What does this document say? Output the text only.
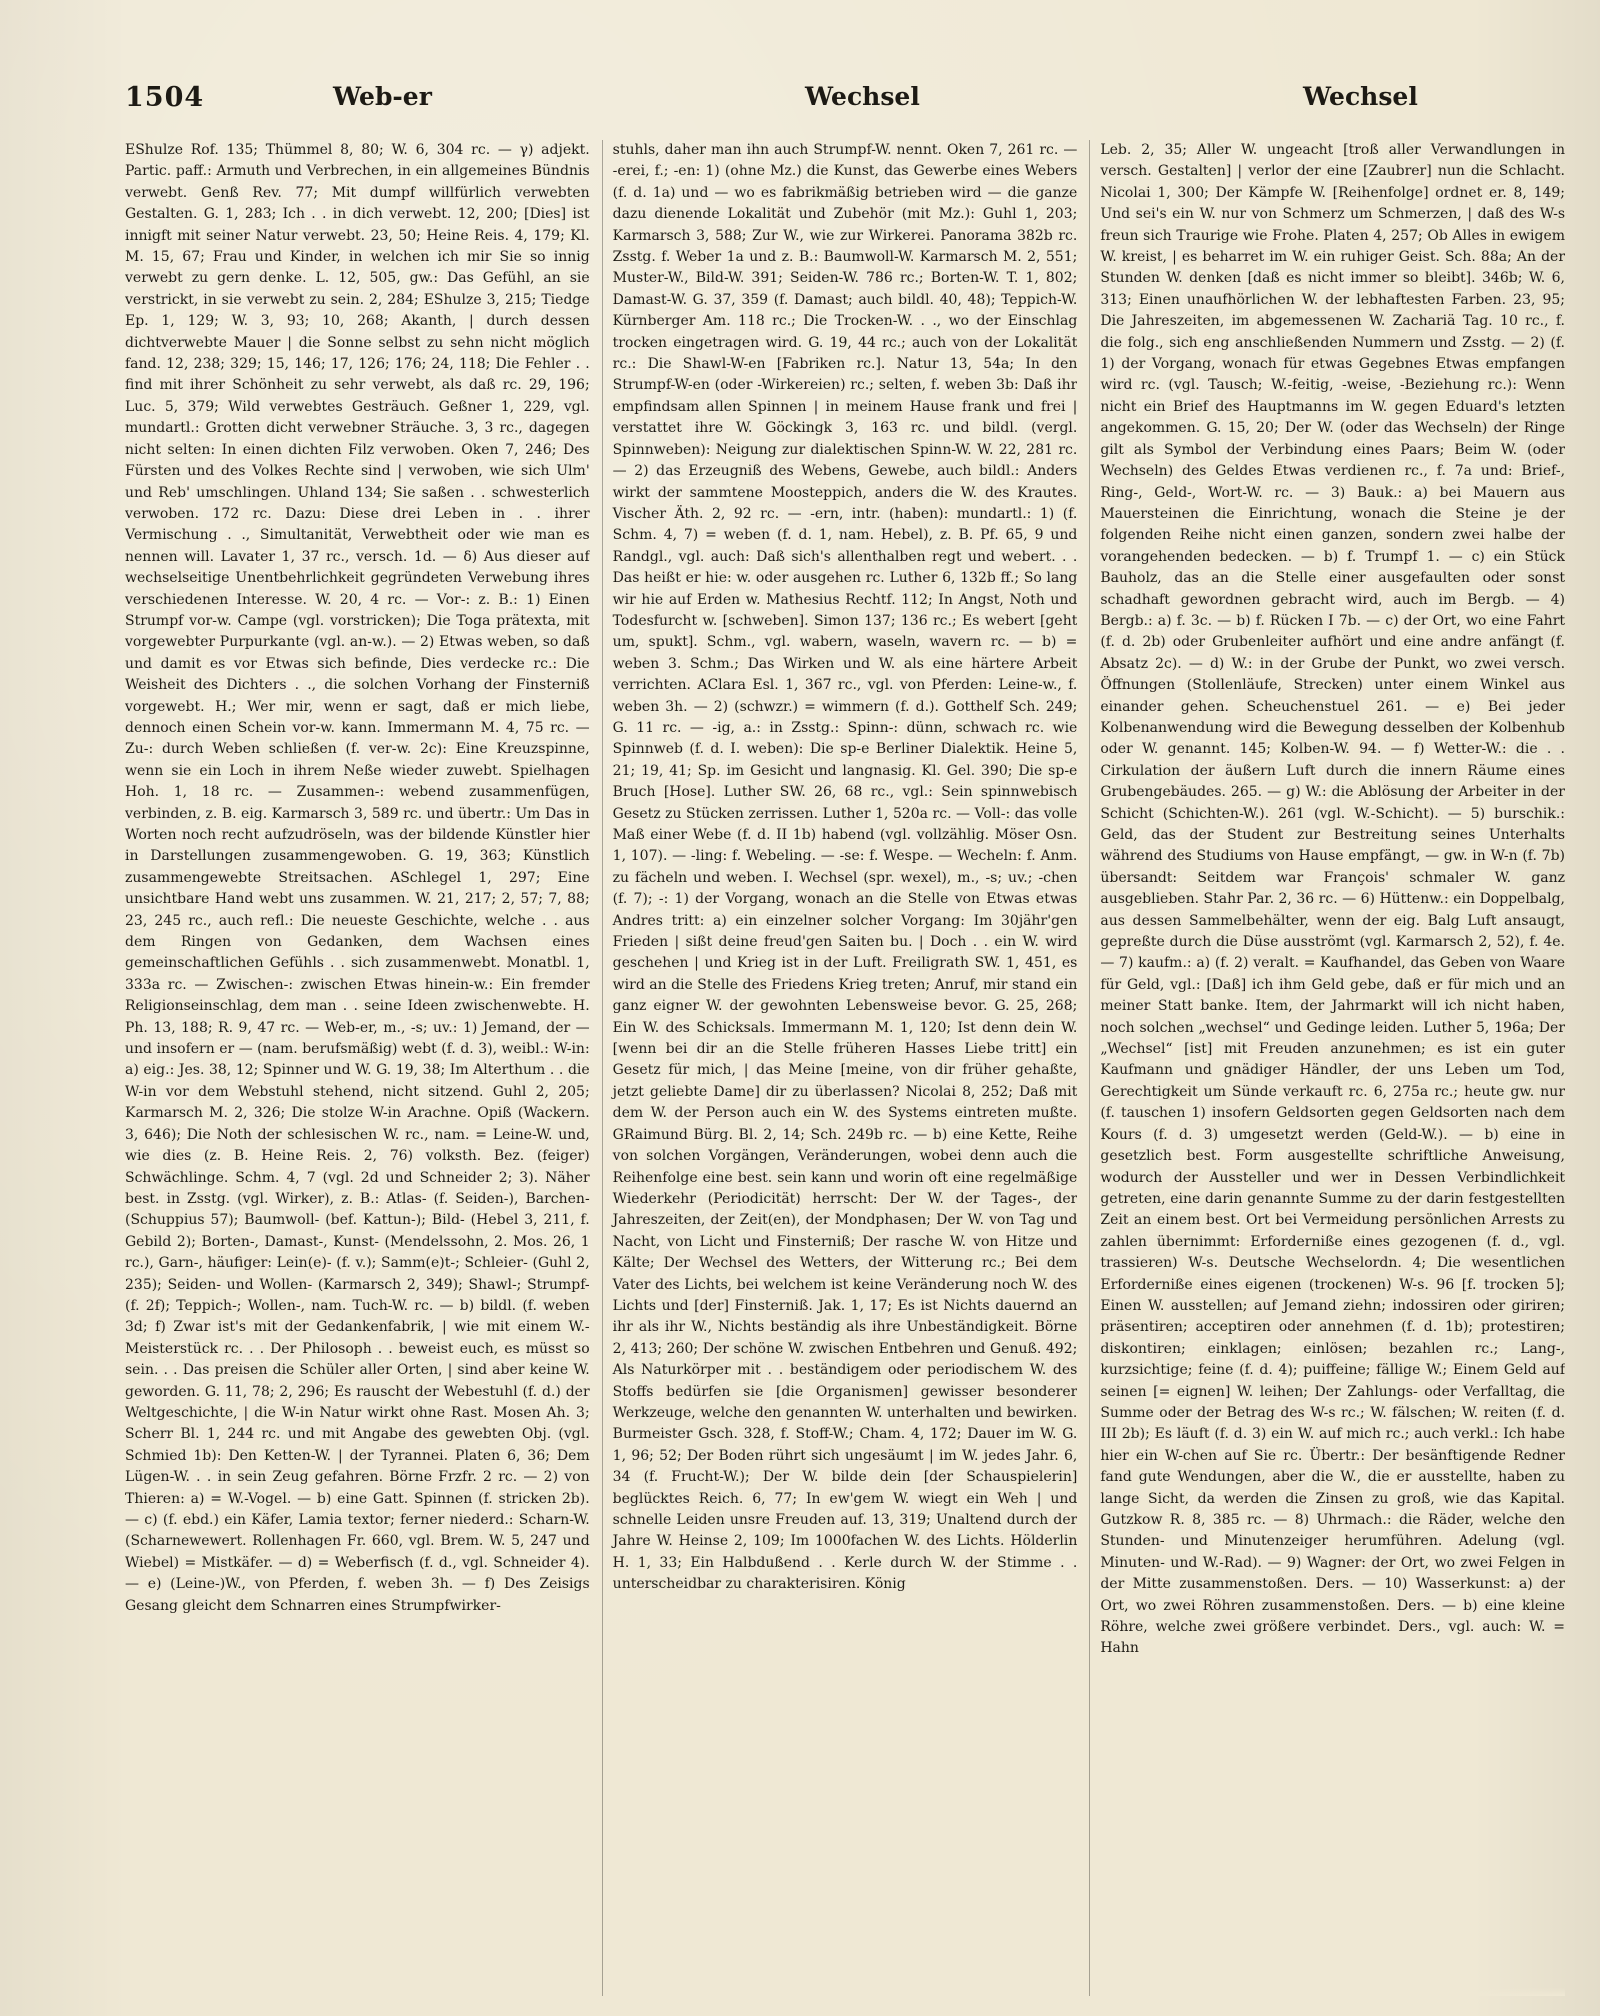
1504	Web-er	Wechsel	Wechsel

EShulze Rof. 135; Thümmel 8, 80; W. 6, 304 rc. — γ) adjekt. Partic. paff.: Armuth und Verbrechen, in ein allgemeines Bündnis verwebt. Genß Rev. 77; Mit dumpf willfürlich verwebten Gestalten. G. 1, 283; Ich . . in dich verwebt. 12, 200; [Dies] ist innigft mit seiner Natur verwebt. 23, 50; Heine Reis. 4, 179; Kl. M. 15, 67; Frau und Kinder, in welchen ich mir Sie so innig verwebt zu gern denke. L. 12, 505, gw.: Das Gefühl, an sie verstrickt, in sie verwebt zu sein. 2, 284; EShulze 3, 215; Tiedge Ep. 1, 129; W. 3, 93; 10, 268; Akanth, | durch dessen dichtverwebte Mauer | die Sonne selbst zu sehn nicht möglich fand. 12, 238; 329; 15, 146; 17, 126; 176; 24, 118; Die Fehler . . find mit ihrer Schönheit zu sehr verwebt, als daß rc. 29, 196; Luc. 5, 379; Wild verwebtes Gesträuch. Geßner 1, 229, vgl. mundartl.: Grotten dicht verwebner Sträuche. 3, 3 rc., dagegen nicht selten: In einen dichten Filz verwoben. Oken 7, 246; Des Fürsten und des Volkes Rechte sind | verwoben, wie sich Ulm' und Reb' umschlingen. Uhland 134; Sie saßen . . schwesterlich verwoben. 172 rc. Dazu: Diese drei Leben in . . ihrer Vermischung . ., Simultanität, Verwebtheit oder wie man es nennen will. Lavater 1, 37 rc., versch. 1d. — δ) Aus dieser auf wechselseitige Unentbehrlichkeit gegründeten Verwebung ihres verschiedenen Interesse. W. 20, 4 rc. — Vor-: z. B.: 1) Einen Strumpf vor-w. Campe (vgl. vorstricken); Die Toga prätexta, mit vorgewebter Purpurkante (vgl. an-w.). — 2) Etwas weben, so daß und damit es vor Etwas sich befinde, Dies verdecke rc.: Die Weisheit des Dichters . ., die solchen Vorhang der Finsterniß vorgewebt. H.; Wer mir, wenn er sagt, daß er mich liebe, dennoch einen Schein vor-w. kann. Immermann M. 4, 75 rc. — Zu-: durch Weben schließen (f. ver-w. 2c): Eine Kreuzspinne, wenn sie ein Loch in ihrem Neße wieder zuwebt. Spielhagen Hoh. 1, 18 rc. — Zusammen-: webend zusammenfügen, verbinden, z. B. eig. Karmarsch 3, 589 rc. und übertr.: Um Das in Worten noch recht aufzudröseln, was der bildende Künstler hier in Darstellungen zusammengewoben. G. 19, 363; Künstlich zusammengewebte Streitsachen. ASchlegel 1, 297; Eine unsichtbare Hand webt uns zusammen. W. 21, 217; 2, 57; 7, 88; 23, 245 rc., auch refl.: Die neueste Geschichte, welche . . aus dem Ringen von Gedanken, dem Wachsen eines gemeinschaftlichen Gefühls . . sich zusammenwebt. Monatbl. 1, 333a rc. — Zwischen-: zwischen Etwas hinein-w.: Ein fremder Religionseinschlag, dem man . . seine Ideen zwischenwebte. H. Ph. 13, 188; R. 9, 47 rc. — Web-er, m., -s; uv.: 1) Jemand, der — und insofern er — (nam. berufsmäßig) webt (f. d. 3), weibl.: W-in: a) eig.: Jes. 38, 12; Spinner und W. G. 19, 38; Im Alterthum . . die W-in vor dem Webstuhl stehend, nicht sitzend. Guhl 2, 205; Karmarsch M. 2, 326; Die stolze W-in Arachne. Opiß (Wackern. 3, 646); Die Noth der schlesischen W. rc., nam. = Leine-W. und, wie dies (z. B. Heine Reis. 2, 76) volksth. Bez. (feiger) Schwächlinge. Schm. 4, 7 (vgl. 2d und Schneider 2; 3). Näher best. in Zsstg. (vgl. Wirker), z. B.: Atlas- (f. Seiden-), Barchen- (Schuppius 57); Baumwoll- (bef. Kattun-); Bild- (Hebel 3, 211, f. Gebild 2); Borten-, Damast-, Kunst- (Mendelssohn, 2. Mos. 26, 1 rc.), Garn-, häufiger: Lein(e)- (f. v.); Samm(e)t-; Schleier- (Guhl 2, 235); Seiden- und Wollen- (Karmarsch 2, 349); Shawl-; Strumpf- (f. 2f); Teppich-; Wollen-, nam. Tuch-W. rc. — b) bildl. (f. weben 3d; f) Zwar ist's mit der Gedankenfabrik, | wie mit einem W.-Meisterstück rc. . . Der Philosoph . . beweist euch, es müsst so sein. . . Das preisen die Schüler aller Orten, | sind aber keine W. geworden. G. 11, 78; 2, 296; Es rauscht der Webestuhl (f. d.) der Weltgeschichte, | die W-in Natur wirkt ohne Rast. Mosen Ah. 3; Scherr Bl. 1, 244 rc. und mit Angabe des gewebten Obj. (vgl. Schmied 1b): Den Ketten-W. | der Tyrannei. Platen 6, 36; Dem Lügen-W. . . in sein Zeug gefahren. Börne Frzfr. 2 rc. — 2) von Thieren: a) = W.-Vogel. — b) eine Gatt. Spinnen (f. stricken 2b). — c) (f. ebd.) ein Käfer, Lamia textor; ferner niederd.: Scharn-W. (Scharnewewert. Rollenhagen Fr. 660, vgl. Brem. W. 5, 247 und Wiebel) = Mistkäfer. — d) = Weberfisch (f. d., vgl. Schneider 4). — e) (Leine-)W., von Pferden, f. weben 3h. — f) Des Zeisigs Gesang gleicht dem Schnarren eines Strumpfwirker-

stuhls, daher man ihn auch Strumpf-W. nennt. Oken 7, 261 rc. — -erei, f.; -en: 1) (ohne Mz.) die Kunst, das Gewerbe eines Webers (f. d. 1a) und — wo es fabrikmäßig betrieben wird — die ganze dazu dienende Lokalität und Zubehör (mit Mz.): Guhl 1, 203; Karmarsch 3, 588; Zur W., wie zur Wirkerei. Panorama 382b rc. Zsstg. f. Weber 1a und z. B.: Baumwoll-W. Karmarsch M. 2, 551; Muster-W., Bild-W. 391; Seiden-W. 786 rc.; Borten-W. T. 1, 802; Damast-W. G. 37, 359 (f. Damast; auch bildl. 40, 48); Teppich-W. Kürnberger Am. 118 rc.; Die Trocken-W. . ., wo der Einschlag trocken eingetragen wird. G. 19, 44 rc.; auch von der Lokalität rc.: Die Shawl-W-en [Fabriken rc.]. Natur 13, 54a; In den Strumpf-W-en (oder -Wirkereien) rc.; selten, f. weben 3b: Daß ihr empfindsam allen Spinnen | in meinem Hause frank und frei | verstattet ihre W. Göckingk 3, 163 rc. und bildl. (vergl. Spinnweben): Neigung zur dialektischen Spinn-W. W. 22, 281 rc. — 2) das Erzeugniß des Webens, Gewebe, auch bildl.: Anders wirkt der sammtene Moosteppich, anders die W. des Krautes. Vischer Äth. 2, 92 rc. — -ern, intr. (haben): mundartl.: 1) (f. Schm. 4, 7) = weben (f. d. 1, nam. Hebel), z. B. Pf. 65, 9 und Randgl., vgl. auch: Daß sich's allenthalben regt und webert. . . Das heißt er hie: w. oder ausgehen rc. Luther 6, 132b ff.; So lang wir hie auf Erden w. Mathesius Rechtf. 112; In Angst, Noth und Todesfurcht w. [schweben]. Simon 137; 136 rc.; Es webert [geht um, spukt]. Schm., vgl. wabern, waseln, wavern rc. — b) = weben 3. Schm.; Das Wirken und W. als eine härtere Arbeit verrichten. AClara Esl. 1, 367 rc., vgl. von Pferden: Leine-w., f. weben 3h. — 2) (schwzr.) = wimmern (f. d.). Gotthelf Sch. 249; G. 11 rc. — -ig, a.: in Zsstg.: Spinn-: dünn, schwach rc. wie Spinnweb (f. d. I. weben): Die sp-e Berliner Dialektik. Heine 5, 21; 19, 41; Sp. im Gesicht und langnasig. Kl. Gel. 390; Die sp-e Bruch [Hose]. Luther SW. 26, 68 rc., vgl.: Sein spinnwebisch Gesetz zu Stücken zerrissen. Luther 1, 520a rc. — Voll-: das volle Maß einer Webe (f. d. II 1b) habend (vgl. vollzählig. Möser Osn. 1, 107). — -ling: f. Webeling. — -se: f. Wespe. — Wecheln: f. Anm. zu fächeln und weben. I. Wechsel (spr. wexel), m., -s; uv.; -chen (f. 7); -: 1) der Vorgang, wonach an die Stelle von Etwas etwas Andres tritt: a) ein einzelner solcher Vorgang: Im 30jähr'gen Frieden | sißt deine freud'gen Saiten bu. | Doch . . ein W. wird geschehen | und Krieg ist in der Luft. Freiligrath SW. 1, 451, es wird an die Stelle des Friedens Krieg treten; Anruf, mir stand ein ganz eigner W. der gewohnten Lebensweise bevor. G. 25, 268; Ein W. des Schicksals. Immermann M. 1, 120; Ist denn dein W. [wenn bei dir an die Stelle früheren Hasses Liebe tritt] ein Gesetz für mich, | das Meine [meine, von dir früher gehaßte, jetzt geliebte Dame] dir zu überlassen? Nicolai 8, 252; Daß mit dem W. der Person auch ein W. des Systems eintreten mußte. GRaimund Bürg. Bl. 2, 14; Sch. 249b rc. — b) eine Kette, Reihe von solchen Vorgängen, Veränderungen, wobei denn auch die Reihenfolge eine best. sein kann und worin oft eine regelmäßige Wiederkehr (Periodicität) herrscht: Der W. der Tages-, der Jahreszeiten, der Zeit(en), der Mondphasen; Der W. von Tag und Nacht, von Licht und Finsterniß; Der rasche W. von Hitze und Kälte; Der Wechsel des Wetters, der Witterung rc.; Bei dem Vater des Lichts, bei welchem ist keine Veränderung noch W. des Lichts und [der] Finsterniß. Jak. 1, 17; Es ist Nichts dauernd an ihr als ihr W., Nichts beständig als ihre Unbeständigkeit. Börne 2, 413; 260; Der schöne W. zwischen Entbehren und Genuß. 492; Als Naturkörper mit . . beständigem oder periodischem W. des Stoffs bedürfen sie [die Organismen] gewisser besonderer Werkzeuge, welche den genannten W. unterhalten und bewirken. Burmeister Gsch. 328, f. Stoff-W.; Cham. 4, 172; Dauer im W. G. 1, 96; 52; Der Boden rührt sich ungesäumt | im W. jedes Jahr. 6, 34 (f. Frucht-W.); Der W. bilde dein [der Schauspielerin] beglücktes Reich. 6, 77; In ew'gem W. wiegt ein Weh | und schnelle Leiden unsre Freuden auf. 13, 319; Unaltend durch der Jahre W. Heinse 2, 109; Im 1000fachen W. des Lichts. Hölderlin H. 1, 33; Ein Halbdußend . . Kerle durch W. der Stimme . . unterscheidbar zu charakterisiren. König

Leb. 2, 35; Aller W. ungeacht [troß aller Verwandlungen in versch. Gestalten] | verlor der eine [Zaubrer] nun die Schlacht. Nicolai 1, 300; Der Kämpfe W. [Reihenfolge] ordnet er. 8, 149; Und sei's ein W. nur von Schmerz um Schmerzen, | daß des W-s freun sich Traurige wie Frohe. Platen 4, 257; Ob Alles in ewigem W. kreist, | es beharret im W. ein ruhiger Geist. Sch. 88a; An der Stunden W. denken [daß es nicht immer so bleibt]. 346b; W. 6, 313; Einen unaufhörlichen W. der lebhaftesten Farben. 23, 95; Die Jahreszeiten, im abgemessenen W. Zachariä Tag. 10 rc., f. die folg., sich eng anschließenden Nummern und Zsstg. — 2) (f. 1) der Vorgang, wonach für etwas Gegebnes Etwas empfangen wird rc. (vgl. Tausch; W.-feitig, -weise, -Beziehung rc.): Wenn nicht ein Brief des Hauptmanns im W. gegen Eduard's letzten angekommen. G. 15, 20; Der W. (oder das Wechseln) der Ringe gilt als Symbol der Verbindung eines Paars; Beim W. (oder Wechseln) des Geldes Etwas verdienen rc., f. 7a und: Brief-, Ring-, Geld-, Wort-W. rc. — 3) Bauk.: a) bei Mauern aus Mauersteinen die Einrichtung, wonach die Steine je der folgenden Reihe nicht einen ganzen, sondern zwei halbe der vorangehenden bedecken. — b) f. Trumpf 1. — c) ein Stück Bauholz, das an die Stelle einer ausgefaulten oder sonst schadhaft gewordnen gebracht wird, auch im Bergb. — 4) Bergb.: a) f. 3c. — b) f. Rücken I 7b. — c) der Ort, wo eine Fahrt (f. d. 2b) oder Grubenleiter aufhört und eine andre anfängt (f. Absatz 2c). — d) W.: in der Grube der Punkt, wo zwei versch. Öffnungen (Stollenläufe, Strecken) unter einem Winkel aus einander gehen. Scheuchenstuel 261. — e) Bei jeder Kolbenanwendung wird die Bewegung desselben der Kolbenhub oder W. genannt. 145; Kolben-W. 94. — f) Wetter-W.: die . . Cirkulation der äußern Luft durch die innern Räume eines Grubengebäudes. 265. — g) W.: die Ablösung der Arbeiter in der Schicht (Schichten-W.). 261 (vgl. W.-Schicht). — 5) burschik.: Geld, das der Student zur Bestreitung seines Unterhalts während des Studiums von Hause empfängt, — gw. in W-n (f. 7b) übersandt: Seitdem war François' schmaler W. ganz ausgeblieben. Stahr Par. 2, 36 rc. — 6) Hüttenw.: ein Doppelbalg, aus dessen Sammelbehälter, wenn der eig. Balg Luft ansaugt, gepreßte durch die Düse ausströmt (vgl. Karmarsch 2, 52), f. 4e. — 7) kaufm.: a) (f. 2) veralt. = Kaufhandel, das Geben von Waare für Geld, vgl.: [Daß] ich ihm Geld gebe, daß er für mich und an meiner Statt banke. Item, der Jahrmarkt will ich nicht haben, noch solchen „wechsel“ und Gedinge leiden. Luther 5, 196a; Der „Wechsel“ [ist] mit Freuden anzunehmen; es ist ein guter Kaufmann und gnädiger Händler, der uns Leben um Tod, Gerechtigkeit um Sünde verkauft rc. 6, 275a rc.; heute gw. nur (f. tauschen 1) insofern Geldsorten gegen Geldsorten nach dem Kours (f. d. 3) umgesetzt werden (Geld-W.). — b) eine in gesetzlich best. Form ausgestellte schriftliche Anweisung, wodurch der Aussteller und wer in Dessen Verbindlichkeit getreten, eine darin genannte Summe zu der darin festgestellten Zeit an einem best. Ort bei Vermeidung persönlichen Arrests zu zahlen übernimmt: Erforderniße eines gezogenen (f. d., vgl. trassieren) W-s. Deutsche Wechselordn. 4; Die wesentlichen Erforderniße eines eigenen (trockenen) W-s. 96 [f. trocken 5]; Einen W. ausstellen; auf Jemand ziehn; indossiren oder giriren; präsentiren; acceptiren oder annehmen (f. d. 1b); protestiren; diskontiren; einklagen; einlösen; bezahlen rc.; Lang-, kurzsichtige; feine (f. d. 4); puiffeine; fällige W.; Einem Geld auf seinen [= eignen] W. leihen; Der Zahlungs- oder Verfalltag, die Summe oder der Betrag des W-s rc.; W. fälschen; W. reiten (f. d. III 2b); Es läuft (f. d. 3) ein W. auf mich rc.; auch verkl.: Ich habe hier ein W-chen auf Sie rc. Übertr.: Der besänftigende Redner fand gute Wendungen, aber die W., die er ausstellte, haben zu lange Sicht, da werden die Zinsen zu groß, wie das Kapital. Gutzkow R. 8, 385 rc. — 8) Uhrmach.: die Räder, welche den Stunden- und Minutenzeiger herumführen. Adelung (vgl. Minuten- und W.-Rad). — 9) Wagner: der Ort, wo zwei Felgen in der Mitte zusammenstoßen. Ders. — 10) Wasserkunst: a) der Ort, wo zwei Röhren zusammenstoßen. Ders. — b) eine kleine Röhre, welche zwei größere verbindet. Ders., vgl. auch: W. = Hahn
